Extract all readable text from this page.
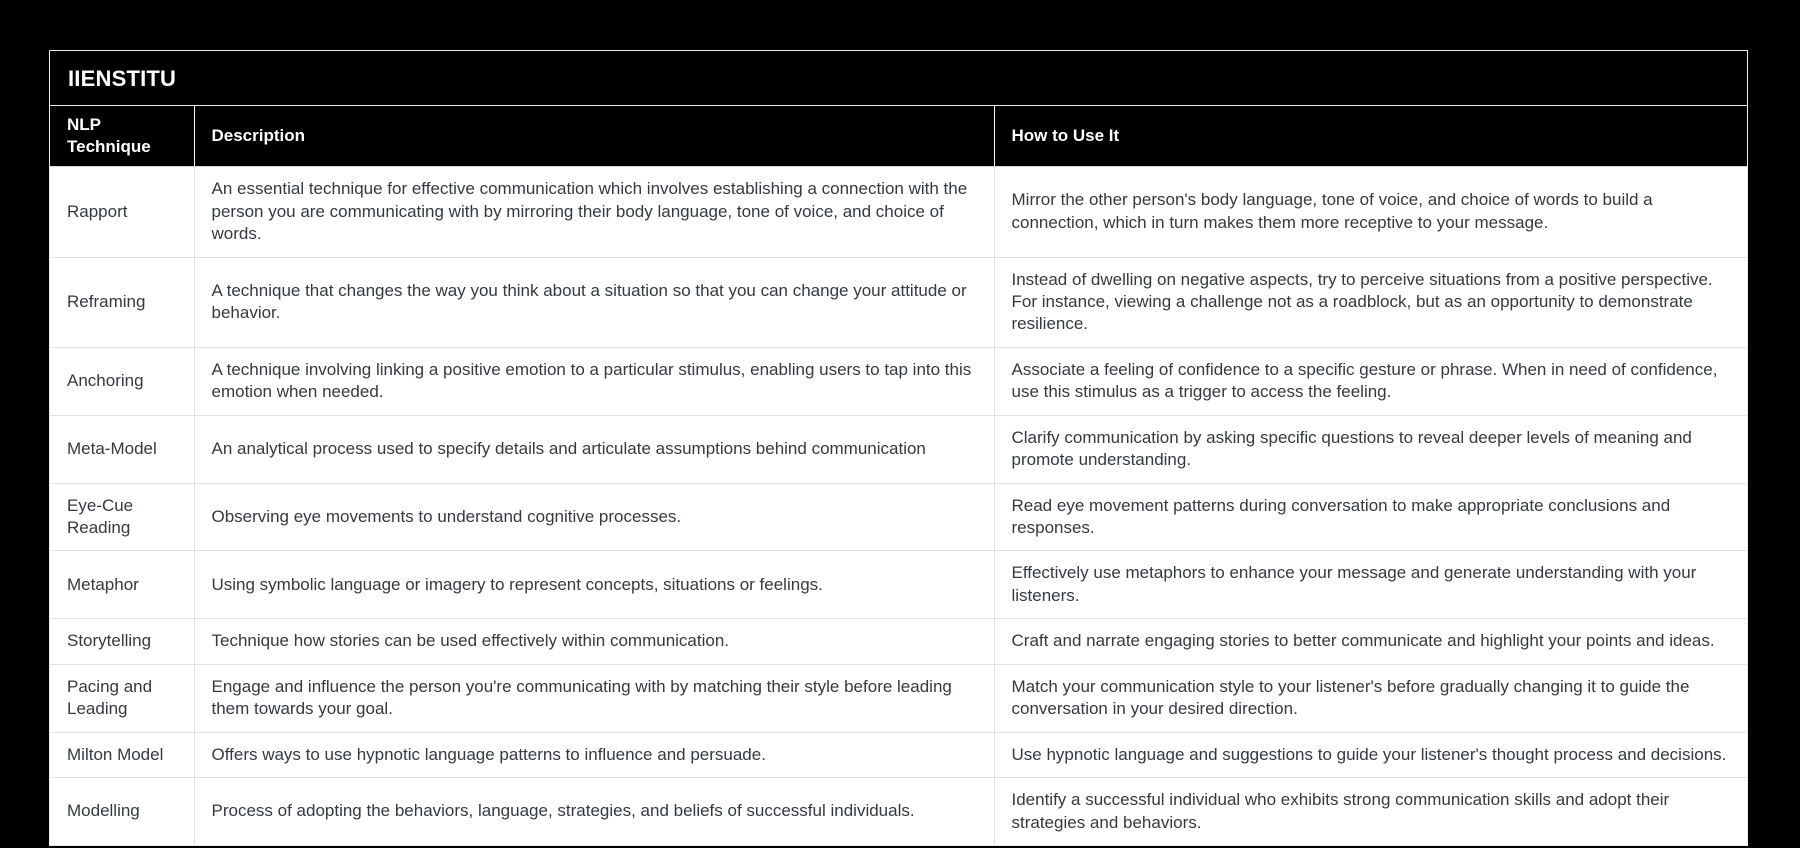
IIENSTITU
NLP Technique	Description	How to Use It
Rapport	An essential technique for effective communication which involves establishing a connection with the person you are communicating with by mirroring their body language, tone of voice, and choice of words.	Mirror the other person's body language, tone of voice, and choice of words to build a connection, which in turn makes them more receptive to your message.
Reframing	A technique that changes the way you think about a situation so that you can change your attitude or behavior.	Instead of dwelling on negative aspects, try to perceive situations from a positive perspective. For instance, viewing a challenge not as a roadblock, but as an opportunity to demonstrate resilience.
Anchoring	A technique involving linking a positive emotion to a particular stimulus, enabling users to tap into this emotion when needed.	Associate a feeling of confidence to a specific gesture or phrase. When in need of confidence, use this stimulus as a trigger to access the feeling.
Meta-Model	An analytical process used to specify details and articulate assumptions behind communication	Clarify communication by asking specific questions to reveal deeper levels of meaning and promote understanding.
Eye-Cue Reading	Observing eye movements to understand cognitive processes.	Read eye movement patterns during conversation to make appropriate conclusions and responses.
Metaphor	Using symbolic language or imagery to represent concepts, situations or feelings.	Effectively use metaphors to enhance your message and generate understanding with your listeners.
Storytelling	Technique how stories can be used effectively within communication.	Craft and narrate engaging stories to better communicate and highlight your points and ideas.
Pacing and Leading	Engage and influence the person you're communicating with by matching their style before leading them towards your goal.	Match your communication style to your listener's before gradually changing it to guide the conversation in your desired direction.
Milton Model	Offers ways to use hypnotic language patterns to influence and persuade.	Use hypnotic language and suggestions to guide your listener's thought process and decisions.
Modelling	Process of adopting the behaviors, language, strategies, and beliefs of successful individuals.	Identify a successful individual who exhibits strong communication skills and adopt their strategies and behaviors.
